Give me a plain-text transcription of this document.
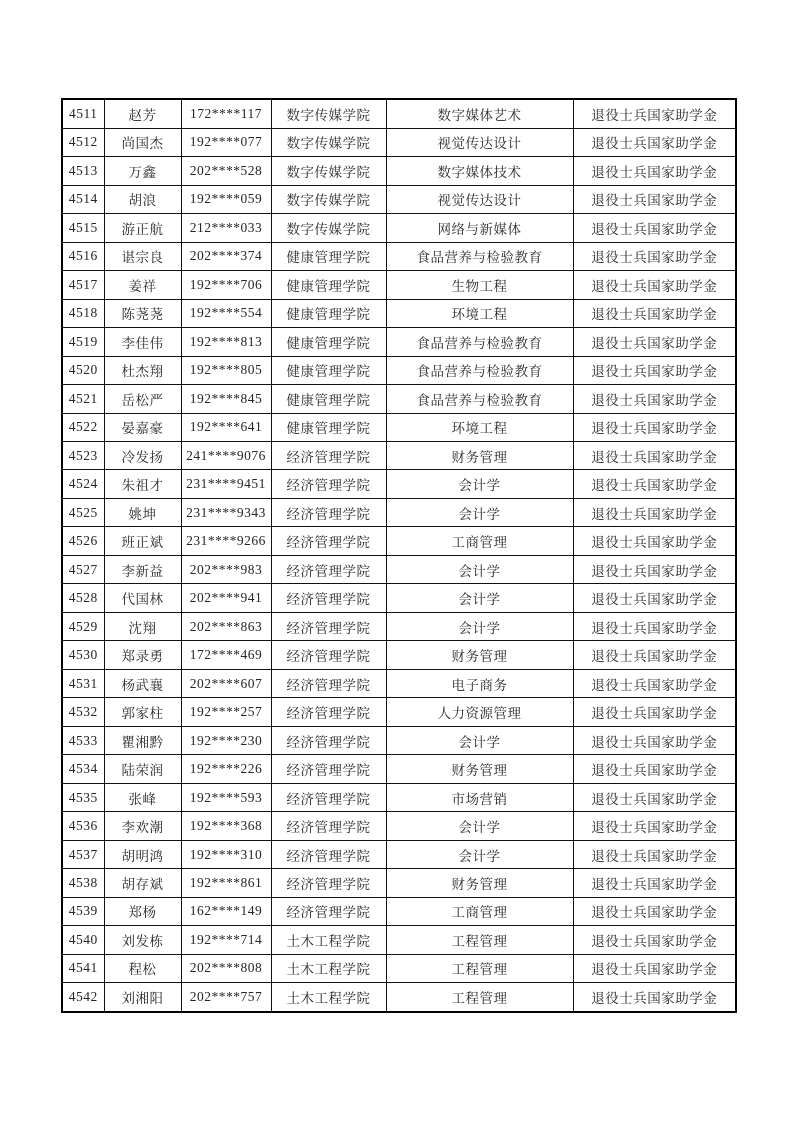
4511	赵芳	172****117	数字传媒学院	数字媒体艺术	退役士兵国家助学金
4512	尚国杰	192****077	数字传媒学院	视觉传达设计	退役士兵国家助学金
4513	万鑫	202****528	数字传媒学院	数字媒体技术	退役士兵国家助学金
4514	胡浪	192****059	数字传媒学院	视觉传达设计	退役士兵国家助学金
4515	游正航	212****033	数字传媒学院	网络与新媒体	退役士兵国家助学金
4516	谌宗良	202****374	健康管理学院	食品营养与检验教育	退役士兵国家助学金
4517	姜祥	192****706	健康管理学院	生物工程	退役士兵国家助学金
4518	陈荛荛	192****554	健康管理学院	环境工程	退役士兵国家助学金
4519	李佳伟	192****813	健康管理学院	食品营养与检验教育	退役士兵国家助学金
4520	杜杰翔	192****805	健康管理学院	食品营养与检验教育	退役士兵国家助学金
4521	岳松严	192****845	健康管理学院	食品营养与检验教育	退役士兵国家助学金
4522	晏嘉豪	192****641	健康管理学院	环境工程	退役士兵国家助学金
4523	冷发扬	241****9076	经济管理学院	财务管理	退役士兵国家助学金
4524	朱祖才	231****9451	经济管理学院	会计学	退役士兵国家助学金
4525	姚坤	231****9343	经济管理学院	会计学	退役士兵国家助学金
4526	班正斌	231****9266	经济管理学院	工商管理	退役士兵国家助学金
4527	李新益	202****983	经济管理学院	会计学	退役士兵国家助学金
4528	代国林	202****941	经济管理学院	会计学	退役士兵国家助学金
4529	沈翔	202****863	经济管理学院	会计学	退役士兵国家助学金
4530	郑录勇	172****469	经济管理学院	财务管理	退役士兵国家助学金
4531	杨武襄	202****607	经济管理学院	电子商务	退役士兵国家助学金
4532	郭家柱	192****257	经济管理学院	人力资源管理	退役士兵国家助学金
4533	瞿湘黔	192****230	经济管理学院	会计学	退役士兵国家助学金
4534	陆荣润	192****226	经济管理学院	财务管理	退役士兵国家助学金
4535	张峰	192****593	经济管理学院	市场营销	退役士兵国家助学金
4536	李欢潮	192****368	经济管理学院	会计学	退役士兵国家助学金
4537	胡明鸿	192****310	经济管理学院	会计学	退役士兵国家助学金
4538	胡存斌	192****861	经济管理学院	财务管理	退役士兵国家助学金
4539	郑杨	162****149	经济管理学院	工商管理	退役士兵国家助学金
4540	刘发栋	192****714	土木工程学院	工程管理	退役士兵国家助学金
4541	程松	202****808	土木工程学院	工程管理	退役士兵国家助学金
4542	刘湘阳	202****757	土木工程学院	工程管理	退役士兵国家助学金
